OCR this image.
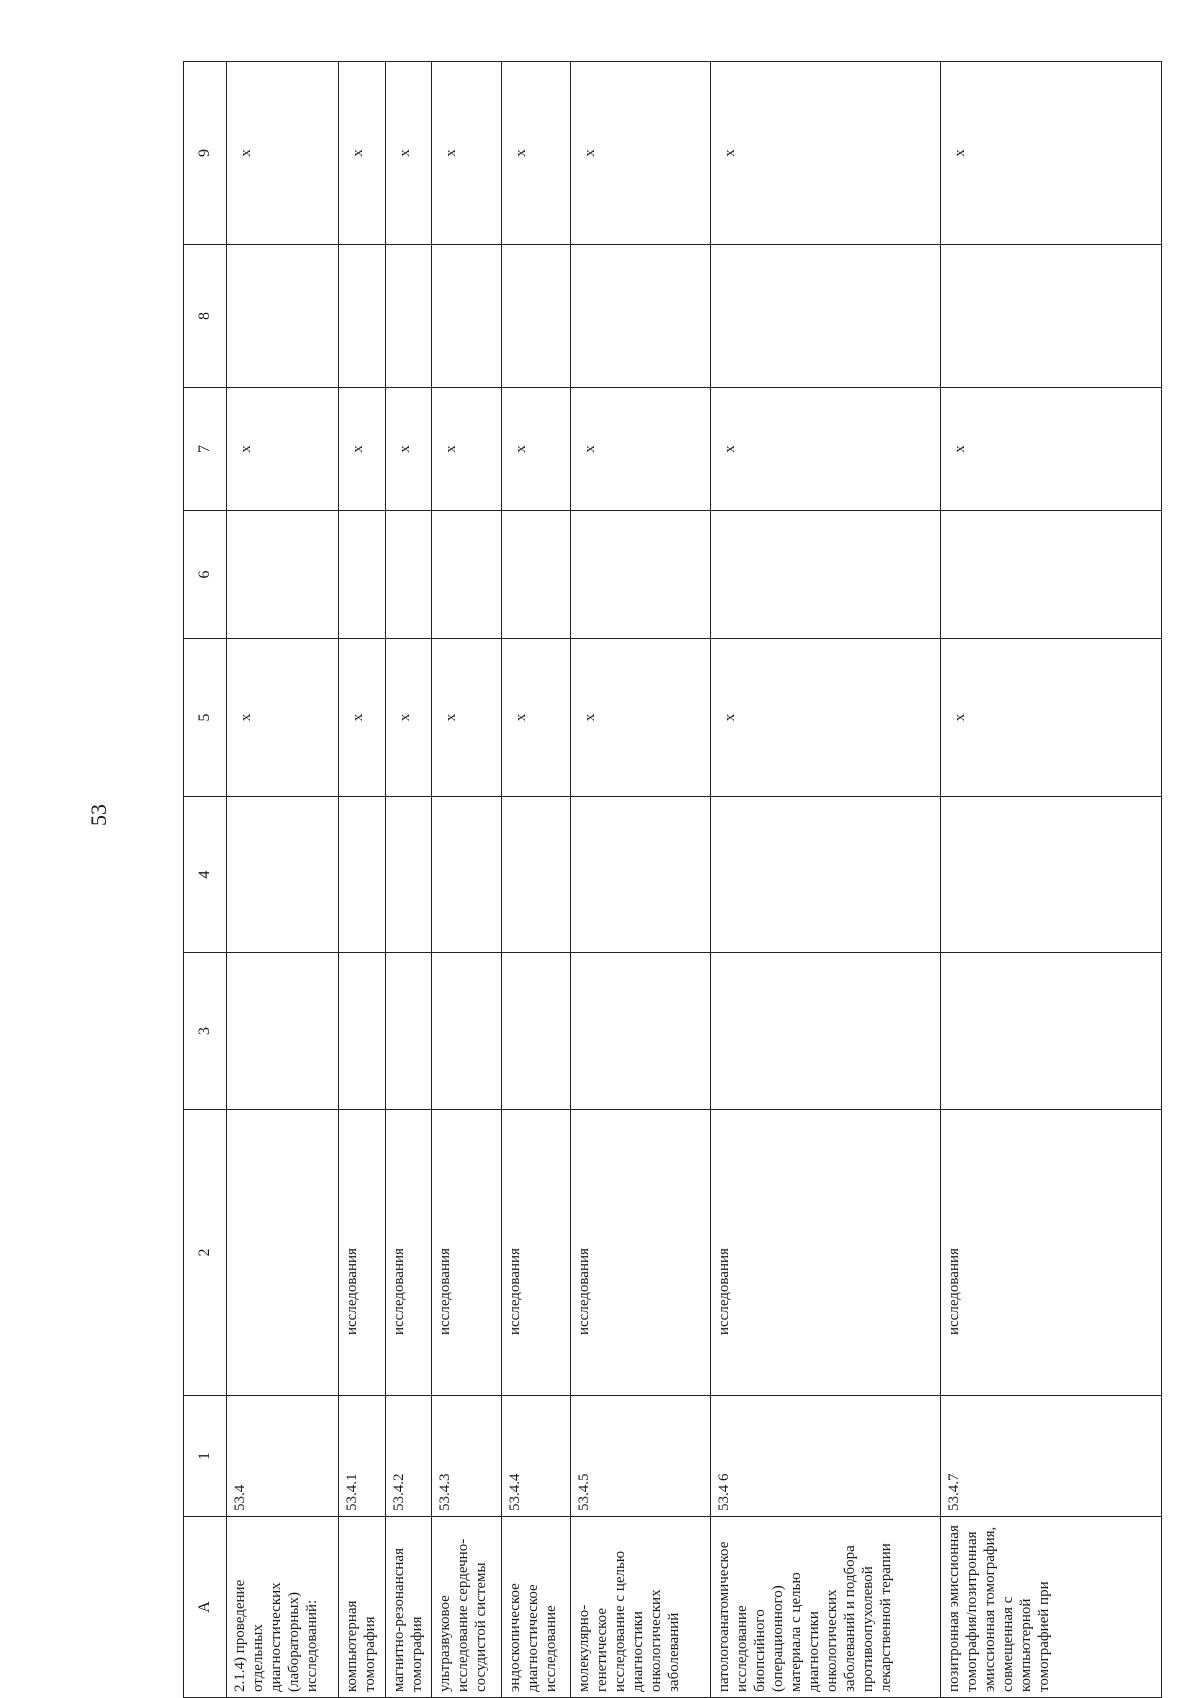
53
А	1	2	3	4	5	6	7	8	9
2.1.4) проведение отдельных диагностических (лабораторных) исследований:	53.4				x		x		x
компьютерная томография	53.4.1	исследования			x		x		x
магнитно-резонансная томография	53.4.2	исследования			x		x		x
ультразвуковое исследование сердечно-сосудистой системы	53.4.3	исследования			x		x		x
эндоскопическое диагностическое исследование	53.4.4	исследования			x		x		x
молекулярно-генетическое исследование с целью диагностики онкологических заболеваний	53.4.5	исследования			x		x		x
патологоанатомическое исследование биопсийного (операционного) материала с целью диагностики онкологических заболеваний и подбора противоопухолевой лекарственной терапии	53.4 6	исследования			x		x		x
позитронная эмиссионная томография/позитронная эмиссионная томография, совмещенная с компьютерной томографией при	53.4.7	исследования			x		x		x
